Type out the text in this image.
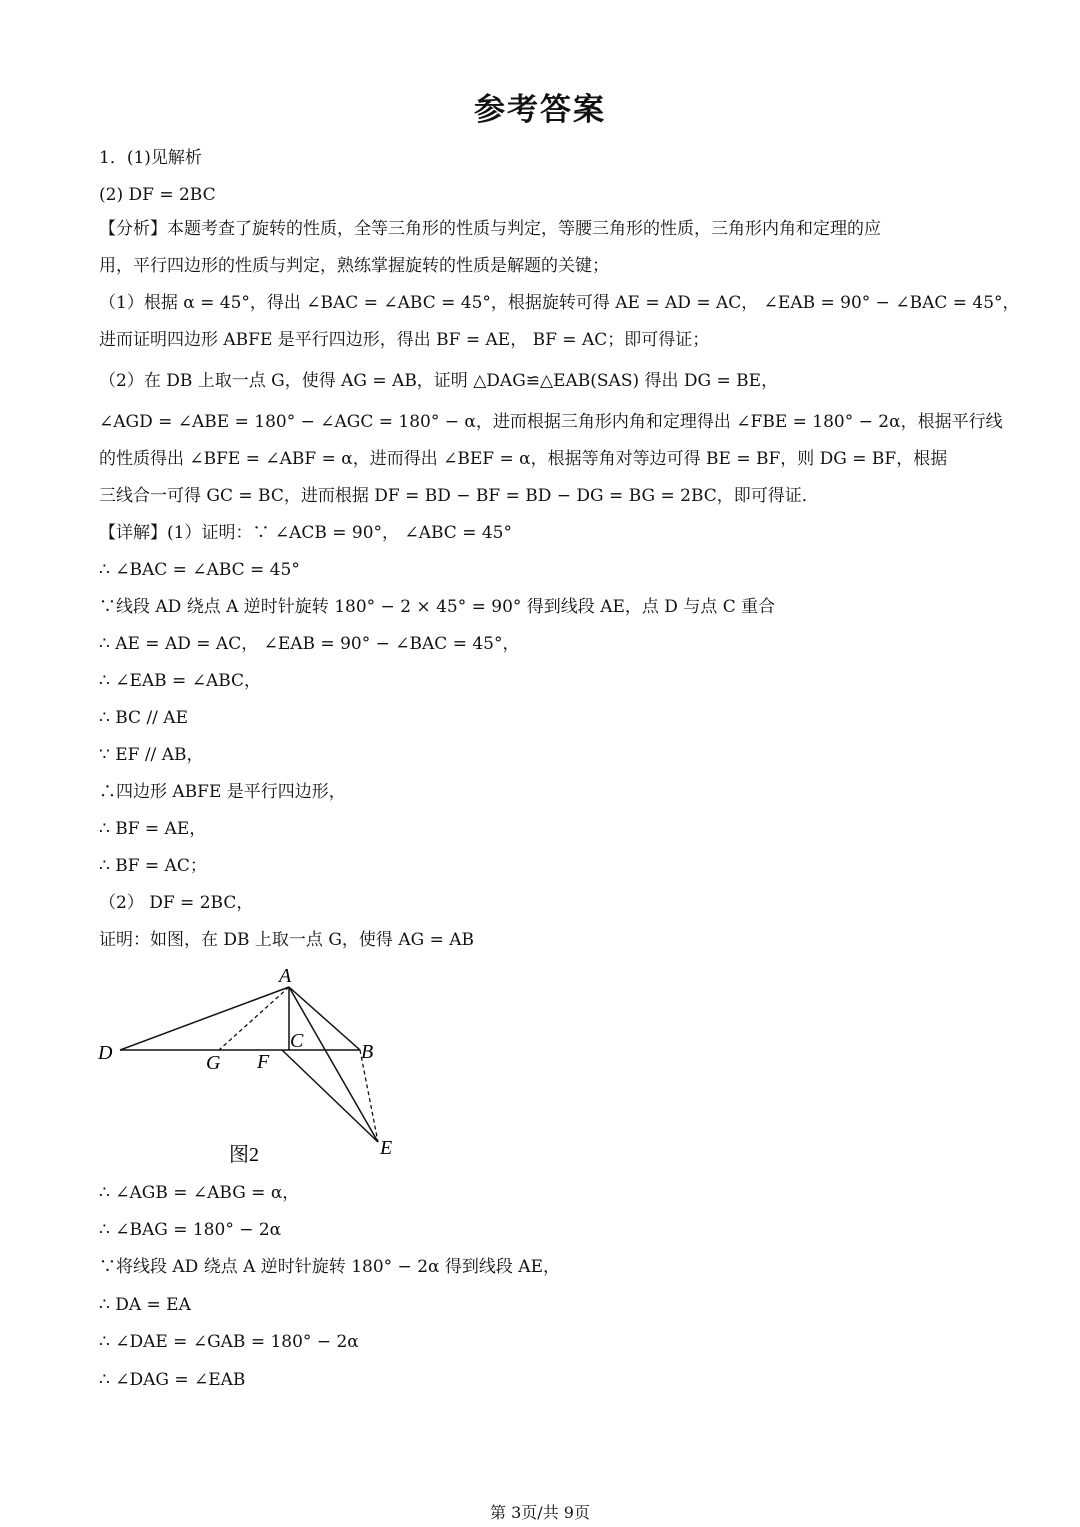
参考答案
1．(1)见解析
(2) DF = 2BC
【分析】本题考查了旋转的性质，全等三角形的性质与判定，等腰三角形的性质，三角形内角和定理的应
用，平行四边形的性质与判定，熟练掌握旋转的性质是解题的关键；
（1）根据 α = 45°，得出 ∠BAC = ∠ABC = 45°，根据旋转可得 AE = AD = AC， ∠EAB = 90° − ∠BAC = 45°，
进而证明四边形 ABFE 是平行四边形，得出 BF = AE， BF = AC；即可得证；
（2）在 DB 上取一点 G，使得 AG = AB，证明 △DAG≌△EAB(SAS) 得出 DG = BE，
∠AGD = ∠ABE = 180° − ∠AGC = 180° − α，进而根据三角形内角和定理得出 ∠FBE = 180° − 2α，根据平行线
的性质得出 ∠BFE = ∠ABF = α，进而得出 ∠BEF = α，根据等角对等边可得 BE = BF，则 DG = BF，根据
三线合一可得 GC = BC，进而根据 DF = BD − BF = BD − DG = BG = 2BC，即可得证．
【详解】(1）证明：∵ ∠ACB = 90°， ∠ABC = 45°
∴ ∠BAC = ∠ABC = 45°
∵线段 AD 绕点 A 逆时针旋转 180° − 2 × 45° = 90° 得到线段 AE，点 D 与点 C 重合
∴ AE = AD = AC， ∠EAB = 90° − ∠BAC = 45°，
∴ ∠EAB = ∠ABC，
∴ BC // AE
∵ EF // AB，
∴四边形 ABFE 是平行四边形，
∴ BF = AE，
∴ BF = AC；
（2） DF = 2BC，
证明：如图，在 DB 上取一点 G，使得 AG = AB
A
D	G F
C	B
E
图2
∴ ∠AGB = ∠ABG = α，
∴ ∠BAG = 180° − 2α
∵将线段 AD 绕点 A 逆时针旋转 180° − 2α 得到线段 AE，
∴ DA = EA
∴ ∠DAE = ∠GAB = 180° − 2α
∴ ∠DAG = ∠EAB
第 3页/共 9页
